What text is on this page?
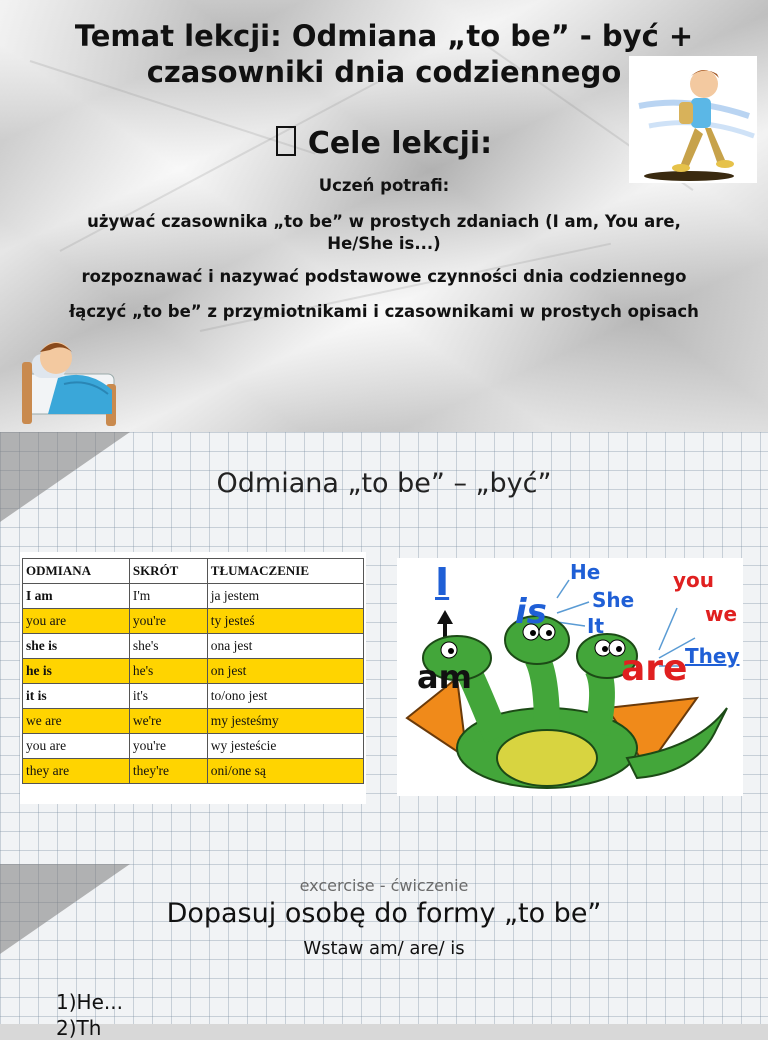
Temat lekcji: Odmiana „to be” - być +
czasowniki dnia codziennego
Cele lekcji:
Uczeń potrafi:
używać czasownika „to be” w prostych zdaniach (I am, You are,
He/She is...)
rozpoznawać i nazywać podstawowe czynności dnia codziennego
łączyć „to be” z przymiotnikami i czasownikami w prostych opisach
Odmiana „to be” – „być”
ODMIANA	SKRÓT	TŁUMACZENIE
I am	I'm	ja jestem
you are	you're	ty jesteś
she is	she's	ona jest
he is	he's	on jest
it is	it's	to/ono jest
we are	we're	my jesteśmy
you are	you're	wy jesteście
they are	they're	oni/one są
I
am
is
He
She
It
are
you
we
They
excercise - ćwiczenie
Dopasuj osobę do formy „to be”
Wstaw am/ are/ is
1)He...
2)Th
